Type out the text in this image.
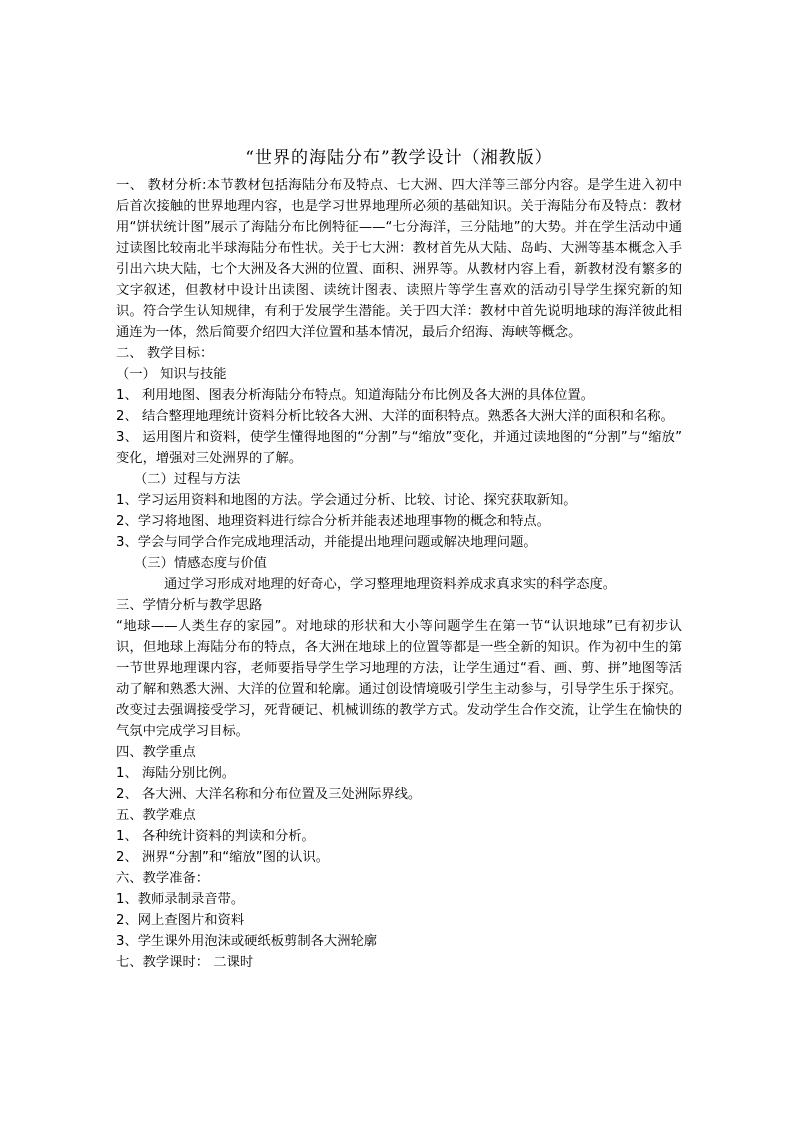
“世界的海陆分布”教学设计（湘教版）

一、 教材分析:本节教材包括海陆分布及特点、七大洲、四大洋等三部分内容。是学生进入初中后首次接触的世界地理内容，也是学习世界地理所必须的基础知识。关于海陆分布及特点：教材用“饼状统计图”展示了海陆分布比例特征——“七分海洋，三分陆地”的大势。并在学生活动中通过读图比较南北半球海陆分布性状。关于七大洲：教材首先从大陆、岛屿、大洲等基本概念入手引出六块大陆，七个大洲及各大洲的位置、面积、洲界等。从教材内容上看，新教材没有繁多的文字叙述，但教材中设计出读图、读统计图表、读照片等学生喜欢的活动引导学生探究新的知识。符合学生认知规律，有利于发展学生潜能。关于四大洋：教材中首先说明地球的海洋彼此相通连为一体，然后简要介绍四大洋位置和基本情况，最后介绍海、海峡等概念。

二、 教学目标：

（一） 知识与技能

1、 利用地图、图表分析海陆分布特点。知道海陆分布比例及各大洲的具体位置。

2、 结合整理地理统计资料分析比较各大洲、大洋的面积特点。熟悉各大洲大洋的面积和名称。

3、 运用图片和资料，使学生懂得地图的“分割”与“缩放”变化，并通过读地图的“分割”与“缩放” 变化，增强对三处洲界的了解。

（二）过程与方法

1、学习运用资料和地图的方法。学会通过分析、比较、讨论、探究获取新知。

2、学习将地图、地理资料进行综合分析并能表述地理事物的概念和特点。

3、学会与同学合作完成地理活动，并能提出地理问题或解决地理问题。

（三）情感态度与价值

通过学习形成对地理的好奇心，学习整理地理资料养成求真求实的科学态度。

三、学情分析与教学思路

“地球——人类生存的家园”。对地球的形状和大小等问题学生在第一节“认识地球”已有初步认识，但地球上海陆分布的特点，各大洲在地球上的位置等都是一些全新的知识。作为初中生的第一节世界地理课内容，老师要指导学生学习地理的方法，让学生通过“看、画、剪、拼”地图等活动了解和熟悉大洲、大洋的位置和轮廓。通过创设情境吸引学生主动参与，引导学生乐于探究。改变过去强调接受学习，死背硬记、机械训练的教学方式。发动学生合作交流，让学生在愉快的气氛中完成学习目标。

四、教学重点

1、 海陆分别比例。

2、 各大洲、大洋名称和分布位置及三处洲际界线。

五、教学难点

1、 各种统计资料的判读和分析。

2、 洲界“分割”和“缩放”图的认识。

六、教学准备：

1、教师录制录音带。

2、网上查图片和资料

3、学生课外用泡沫或硬纸板剪制各大洲轮廓

七、教学课时： 二课时
